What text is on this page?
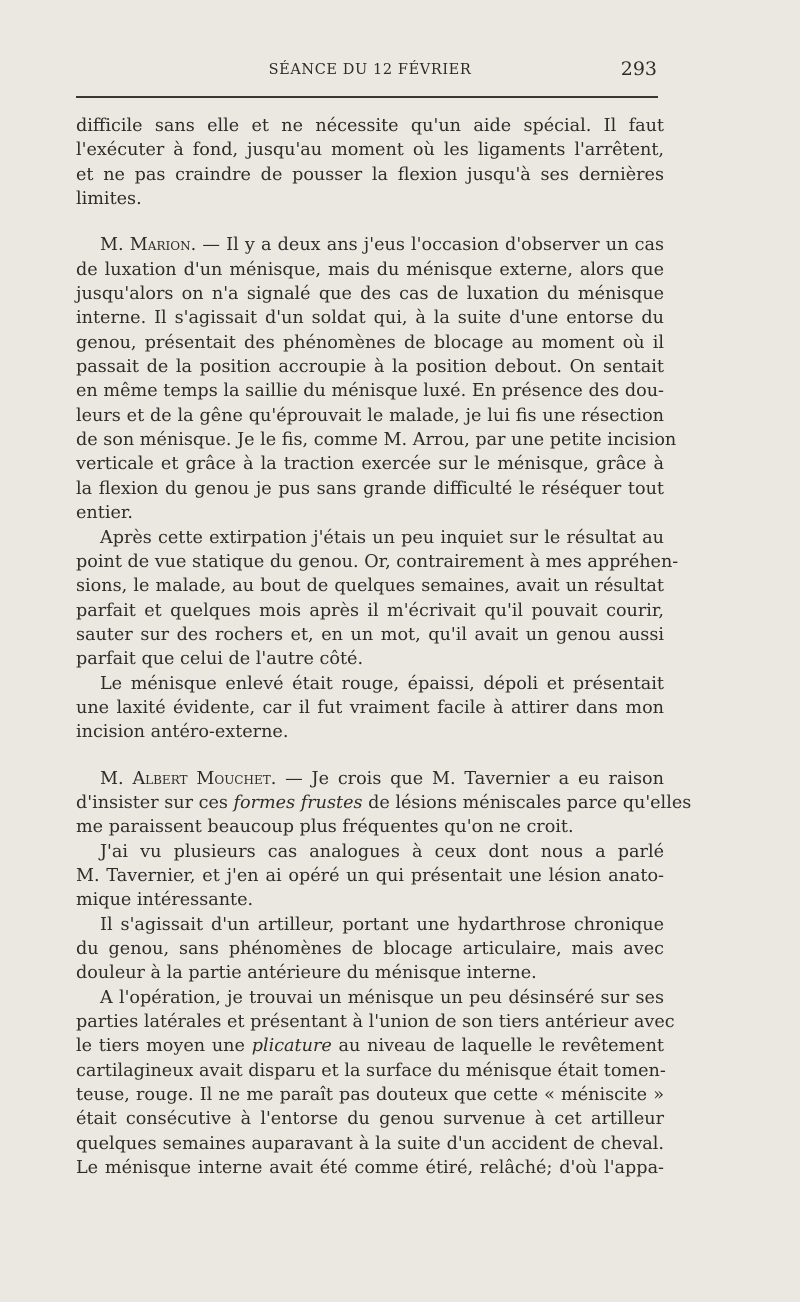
SÉANCE DU 12 FÉVRIER	293
difficile sans elle et ne nécessite qu'un aide spécial. Il faut
l'exécuter à fond, jusqu'au moment où les ligaments l'arrêtent,
et ne pas craindre de pousser la flexion jusqu'à ses dernières
limites.
M. Marion. — Il y a deux ans j'eus l'occasion d'observer un cas
de luxation d'un ménisque, mais du ménisque externe, alors que
jusqu'alors on n'a signalé que des cas de luxation du ménisque
interne. Il s'agissait d'un soldat qui, à la suite d'une entorse du
genou, présentait des phénomènes de blocage au moment où il
passait de la position accroupie à la position debout. On sentait
en même temps la saillie du ménisque luxé. En présence des dou-
leurs et de la gêne qu'éprouvait le malade, je lui fis une résection
de son ménisque. Je le fis, comme M. Arrou, par une petite incision
verticale et grâce à la traction exercée sur le ménisque, grâce à
la flexion du genou je pus sans grande difficulté le réséquer tout
entier.
Après cette extirpation j'étais un peu inquiet sur le résultat au
point de vue statique du genou. Or, contrairement à mes appréhen-
sions, le malade, au bout de quelques semaines, avait un résultat
parfait et quelques mois après il m'écrivait qu'il pouvait courir,
sauter sur des rochers et, en un mot, qu'il avait un genou aussi
parfait que celui de l'autre côté.
Le ménisque enlevé était rouge, épaissi, dépoli et présentait
une laxité évidente, car il fut vraiment facile à attirer dans mon
incision antéro-externe.
M. Albert Mouchet. — Je crois que M. Tavernier a eu raison
d'insister sur ces formes frustes de lésions méniscales parce qu'elles
me paraissent beaucoup plus fréquentes qu'on ne croit.
J'ai vu plusieurs cas analogues à ceux dont nous a parlé
M. Tavernier, et j'en ai opéré un qui présentait une lésion anato-
mique intéressante.
Il s'agissait d'un artilleur, portant une hydarthrose chronique
du genou, sans phénomènes de blocage articulaire, mais avec
douleur à la partie antérieure du ménisque interne.
A l'opération, je trouvai un ménisque un peu désinséré sur ses
parties latérales et présentant à l'union de son tiers antérieur avec
le tiers moyen une plicature au niveau de laquelle le revêtement
cartilagineux avait disparu et la surface du ménisque était tomen-
teuse, rouge. Il ne me paraît pas douteux que cette « méniscite »
était consécutive à l'entorse du genou survenue à cet artilleur
quelques semaines auparavant à la suite d'un accident de cheval.
Le ménisque interne avait été comme étiré, relâché; d'où l'appa-
